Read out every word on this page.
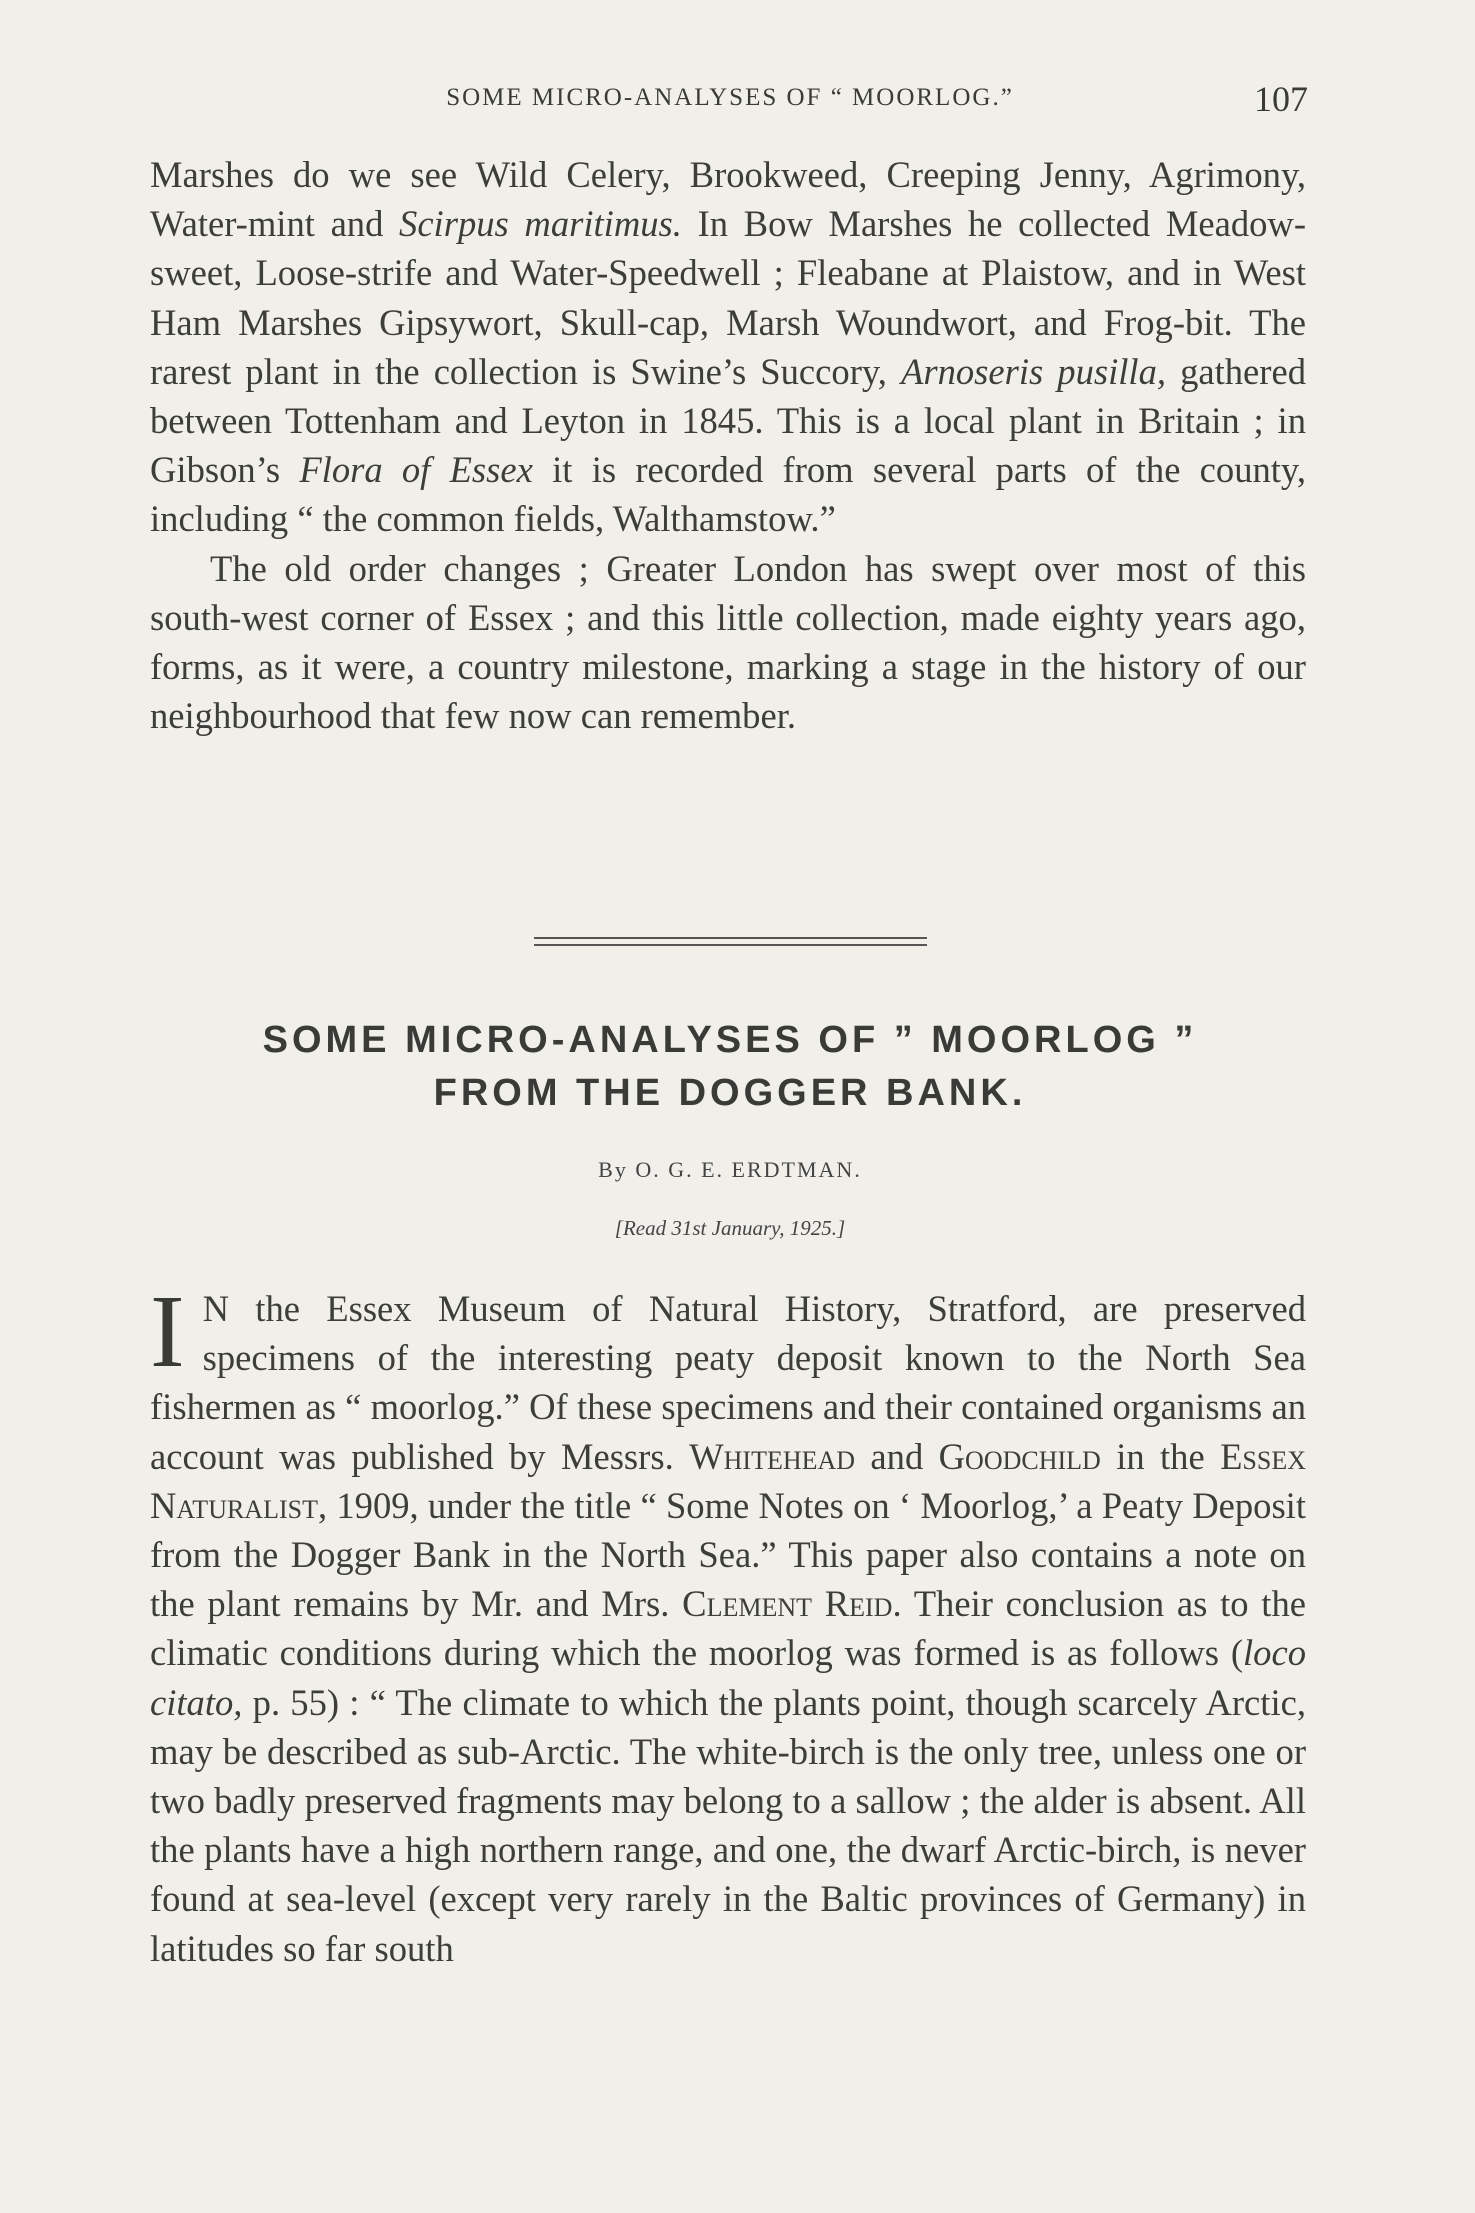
SOME MICRO-ANALYSES OF “ MOORLOG.”	107

Marshes do we see Wild Celery, Brookweed, Creeping Jenny, Agrimony, Water-mint and Scirpus maritimus. In Bow Marshes he collected Meadow-sweet, Loose-strife and Water-Speedwell ; Fleabane at Plaistow, and in West Ham Marshes Gipsywort, Skull-cap, Marsh Woundwort, and Frog-bit. The rarest plant in the collection is Swine’s Succory, Arnoseris pusilla, gathered between Tottenham and Leyton in 1845. This is a local plant in Britain ; in Gibson’s Flora of Essex it is recorded from several parts of the county, including “ the common fields, Walthamstow.”

The old order changes ; Greater London has swept over most of this south-west corner of Essex ; and this little collection, made eighty years ago, forms, as it were, a country milestone, marking a stage in the history of our neighbourhood that few now can remember.

SOME MICRO-ANALYSES OF ” MOORLOG ”
FROM THE DOGGER BANK.
By O. G. E. ERDTMAN.
[Read 31st January, 1925.]

I N the Essex Museum of Natural History, Stratford, are preserved specimens of the interesting peaty deposit known to the North Sea fishermen as “ moorlog.” Of these specimens and their contained organisms an account was published by Messrs. Whitehead and Goodchild in the Essex Naturalist, 1909, under the title “ Some Notes on ‘ Moorlog,’ a Peaty Deposit from the Dogger Bank in the North Sea.” This paper also contains a note on the plant remains by Mr. and Mrs. Clement Reid. Their conclusion as to the climatic conditions during which the moorlog was formed is as follows (loco citato, p. 55) : “ The climate to which the plants point, though scarcely Arctic, may be described as sub-Arctic. The white-birch is the only tree, unless one or two badly preserved fragments may belong to a sallow ; the alder is absent. All the plants have a high northern range, and one, the dwarf Arctic-birch, is never found at sea-level (except very rarely in the Baltic provinces of Germany) in latitudes so far south
